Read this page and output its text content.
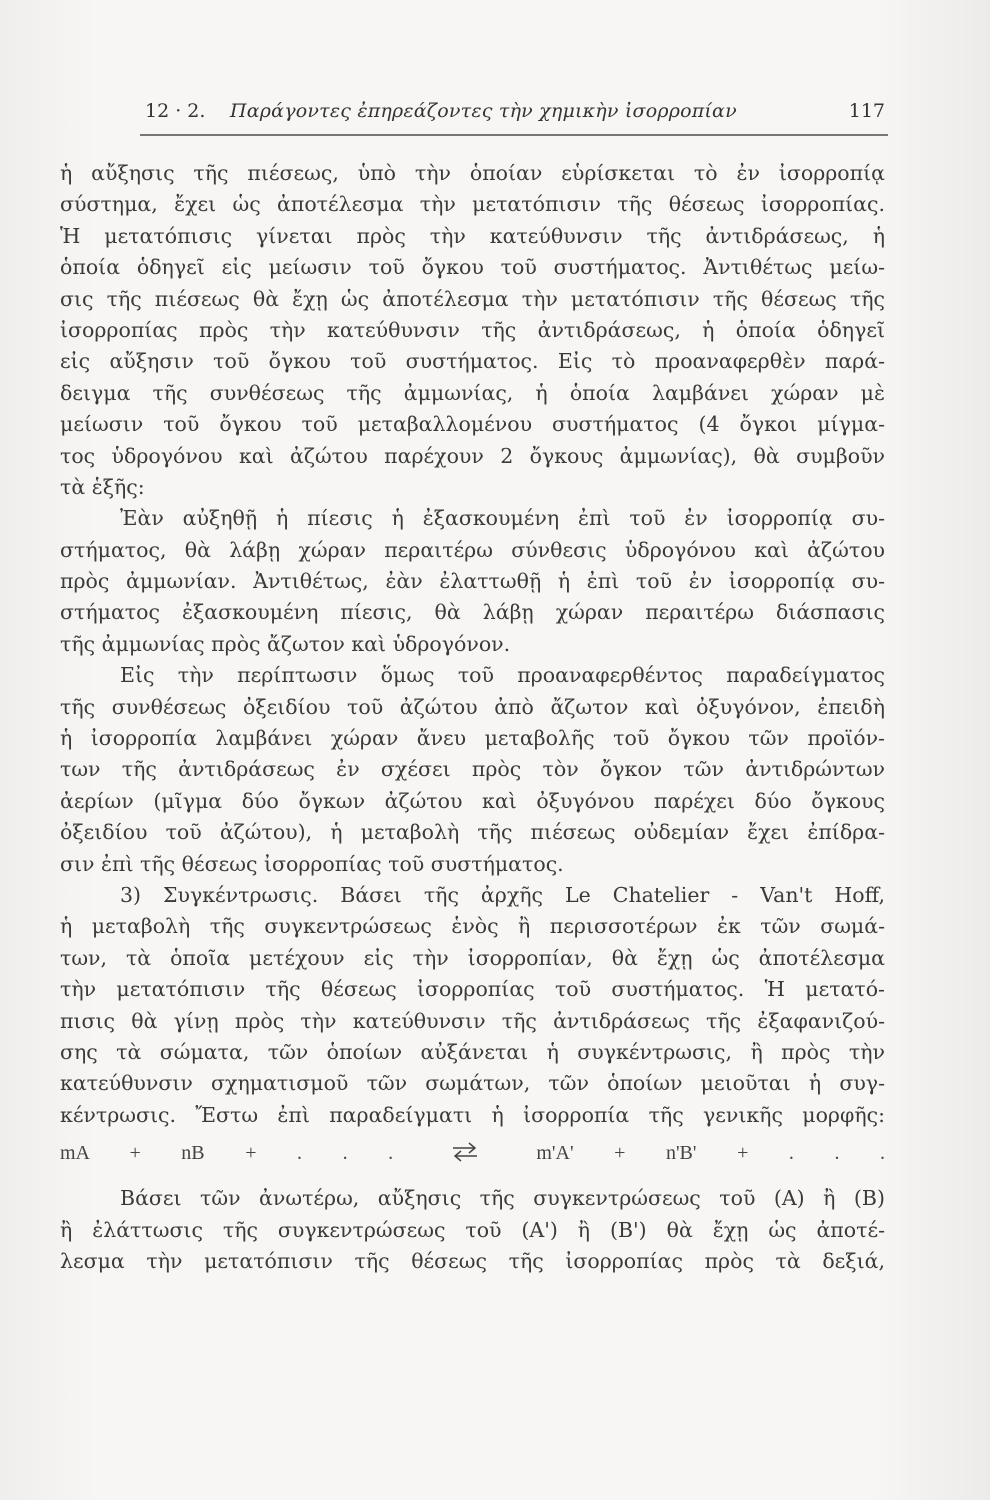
12 · 2. Παράγοντες ἐπηρεάζοντες τὴν χημικὴν ἰσορροπίαν	117
ἡ αὔξησις τῆς πιέσεως, ὑπὸ τὴν ὁποίαν εὑρίσκεται τὸ ἐν ἰσορροπίᾳ
σύστημα, ἔχει ὡς ἀποτέλεσμα τὴν μετατόπισιν τῆς θέσεως ἰσορροπίας.
Ἡ μετατόπισις γίνεται πρὸς τὴν κατεύθυνσιν τῆς ἀντιδράσεως, ἡ
ὁποία ὁδηγεῖ εἰς μείωσιν τοῦ ὄγκου τοῦ συστήματος. Ἀντιθέτως μείω-
σις τῆς πιέσεως θὰ ἔχῃ ὡς ἀποτέλεσμα τὴν μετατόπισιν τῆς θέσεως τῆς
ἰσορροπίας πρὸς τὴν κατεύθυνσιν τῆς ἀντιδράσεως, ἡ ὁποία ὁδηγεῖ
εἰς αὔξησιν τοῦ ὄγκου τοῦ συστήματος. Εἰς τὸ προαναφερθὲν παρά-
δειγμα τῆς συνθέσεως τῆς ἀμμωνίας, ἡ ὁποία λαμβάνει χώραν μὲ
μείωσιν τοῦ ὄγκου τοῦ μεταβαλλομένου συστήματος (4 ὄγκοι μίγμα-
τος ὑδρογόνου καὶ ἀζώτου παρέχουν 2 ὄγκους ἀμμωνίας), θὰ συμβοῦν
τὰ ἑξῆς:
Ἐὰν αὐξηθῇ ἡ πίεσις ἡ ἐξασκουμένη ἐπὶ τοῦ ἐν ἰσορροπίᾳ συ-
στήματος, θὰ λάβῃ χώραν περαιτέρω σύνθεσις ὑδρογόνου καὶ ἀζώτου
πρὸς ἀμμωνίαν. Ἀντιθέτως, ἐὰν ἐλαττωθῇ ἡ ἐπὶ τοῦ ἐν ἰσορροπίᾳ συ-
στήματος ἐξασκουμένη πίεσις, θὰ λάβῃ χώραν περαιτέρω διάσπασις
τῆς ἀμμωνίας πρὸς ἄζωτον καὶ ὑδρογόνον.
Εἰς τὴν περίπτωσιν ὅμως τοῦ προαναφερθέντος παραδείγματος
τῆς συνθέσεως ὀξειδίου τοῦ ἀζώτου ἀπὸ ἄζωτον καὶ ὀξυγόνον, ἐπειδὴ
ἡ ἰσορροπία λαμβάνει χώραν ἄνευ μεταβολῆς τοῦ ὄγκου τῶν προϊόν-
των τῆς ἀντιδράσεως ἐν σχέσει πρὸς τὸν ὄγκον τῶν ἀντιδρώντων
ἀερίων (μῖγμα δύο ὄγκων ἀζώτου καὶ ὀξυγόνου παρέχει δύο ὄγκους
ὀξειδίου τοῦ ἀζώτου), ἡ μεταβολὴ τῆς πιέσεως οὐδεμίαν ἔχει ἐπίδρα-
σιν ἐπὶ τῆς θέσεως ἰσορροπίας τοῦ συστήματος.
3) Συγκέντρωσις. Βάσει τῆς ἀρχῆς Le Chatelier - Van't Hoff,
ἡ μεταβολὴ τῆς συγκεντρώσεως ἑνὸς ἢ περισσοτέρων ἐκ τῶν σωμά-
των, τὰ ὁποῖα μετέχουν εἰς τὴν ἰσορροπίαν, θὰ ἔχῃ ὡς ἀποτέλεσμα
τὴν μετατόπισιν τῆς θέσεως ἰσορροπίας τοῦ συστήματος. Ἡ μετατό-
πισις θὰ γίνῃ πρὸς τὴν κατεύθυνσιν τῆς ἀντιδράσεως τῆς ἐξαφανιζού-
σης τὰ σώματα, τῶν ὁποίων αὐξάνεται ἡ συγκέντρωσις, ἢ πρὸς τὴν
κατεύθυνσιν σχηματισμοῦ τῶν σωμάτων, τῶν ὁποίων μειοῦται ἡ συγ-
κέντρωσις. Ἔστω ἐπὶ παραδείγματι ἡ ἰσορροπία τῆς γενικῆς μορφῆς:
mA + nB + . . .	m'A' + n'B' + . . .
Βάσει τῶν ἀνωτέρω, αὔξησις τῆς συγκεντρώσεως τοῦ (A) ἢ (B)
ἢ ἐλάττωσις τῆς συγκεντρώσεως τοῦ (A') ἢ (B') θὰ ἔχῃ ὡς ἀποτέ-
λεσμα τὴν μετατόπισιν τῆς θέσεως τῆς ἰσορροπίας πρὸς τὰ δεξιά,
